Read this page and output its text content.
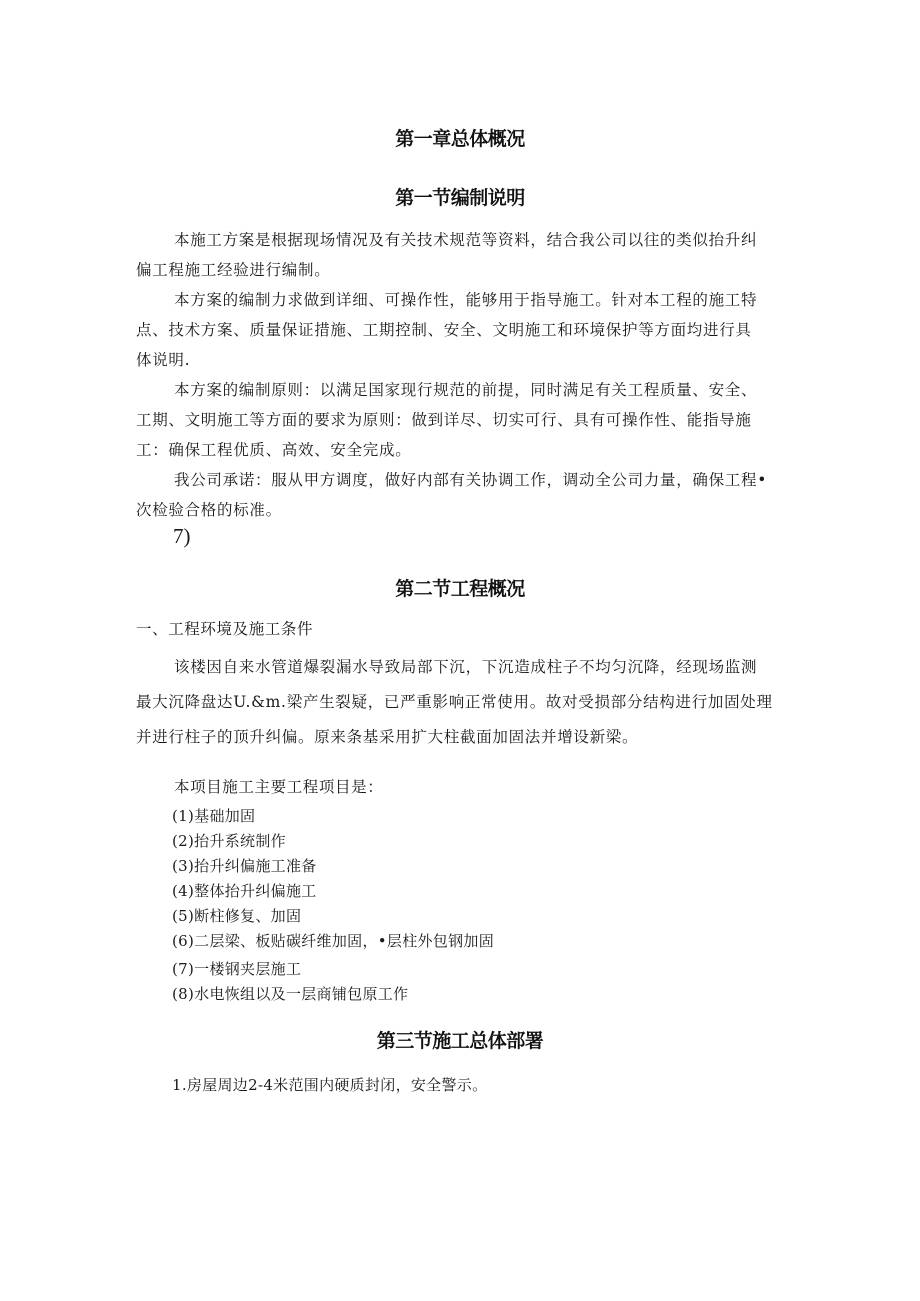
第一章总体概况
第一节编制说明
本施工方案是根据现场情况及有关技术规范等资料，结合我公司以往的类似抬升纠
偏工程施工经验进行编制。
本方案的编制力求做到详细、可操作性，能够用于指导施工。针对本工程的施工特
点、技术方案、质量保证措施、工期控制、安全、文明施工和环境保护等方面均进行具
体说明.
本方案的编制原则：以满足国家现行规范的前提，同时满足有关工程质量、安全、
工期、文明施工等方面的要求为原则：做到详尽、切实可行、具有可操作性、能指导施
工：确保工程优质、高效、安全完成。
我公司承诺：服从甲方调度，做好内部有关协调工作，调动全公司力量，确保工程•
次检验合格的标准。
7)
第二节工程概况
一、工程环境及施工条件
该楼因自来水管道爆裂漏水导致局部下沉，下沉造成柱子不均匀沉降，经现场监测
最大沉降盘达U.&m.梁产生裂疑，已严重影响正常使用。故对受损部分结构进行加固处理
并进行柱子的顶升纠偏。原来条基采用扩大柱截面加固法并增设新梁。
本项目施工主要工程项目是：
(1)基础加固
(2)抬升系统制作
(3)抬升纠偏施工准备
(4)整体抬升纠偏施工
(5)断柱修复、加固
(6)二层梁、板贴碳纤维加固，•层柱外包钢加固
(7)一楼钢夹层施工
(8)水电恢组以及一层商铺包原工作
第三节施工总体部署
1.房屋周边2-4米范围内硬质封闭，安全警示。
